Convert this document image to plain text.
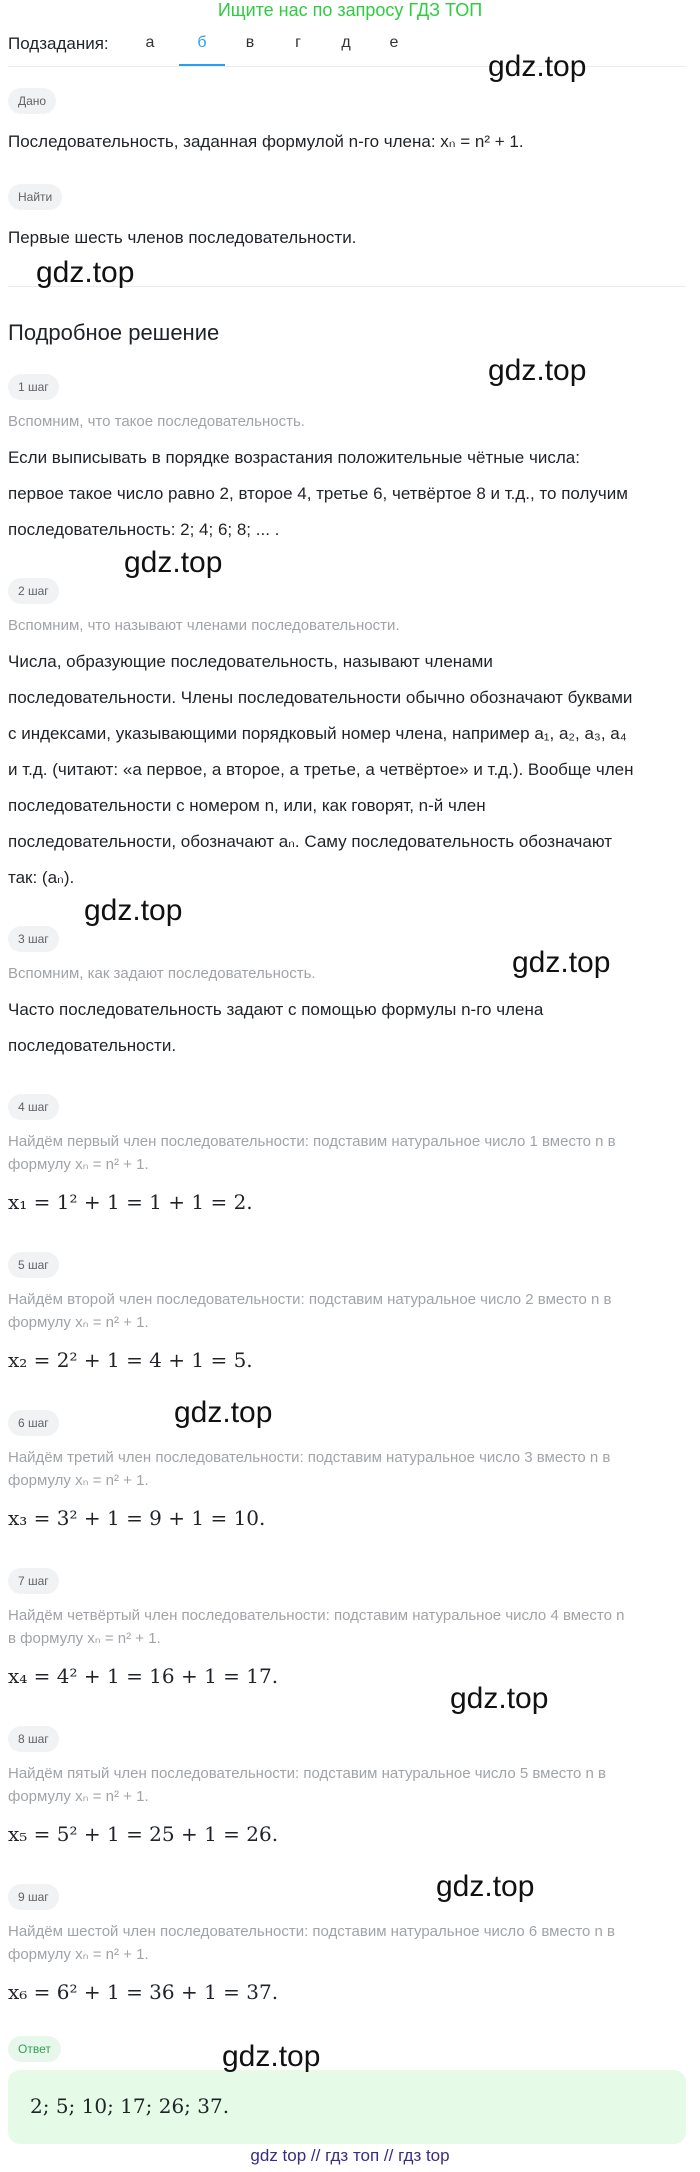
Ищите нас по запросу ГДЗ ТОП
Подзадания:	а	б	в	г	д	е
Дано
Последовательность, заданная формулой n-го члена: xₙ = n² + 1.
Найти
Первые шесть членов последовательности.
Подробное решение
1 шаг
Вспомним, что такое последовательность.
Если выписывать в порядке возрастания положительные чётные числа:
первое такое число равно 2, второе 4, третье 6, четвёртое 8 и т.д., то получим
последовательность: 2; 4; 6; 8; ... .
2 шаг
Вспомним, что называют членами последовательности.
Числа, образующие последовательность, называют членами
последовательности. Члены последовательности обычно обозначают буквами
с индексами, указывающими порядковый номер члена, например a₁, a₂, a₃, a₄
и т.д. (читают: «a первое, a второе, a третье, a четвёртое» и т.д.). Вообще член
последовательности с номером n, или, как говорят, n-й член
последовательности, обозначают aₙ. Саму последовательность обозначают
так: (aₙ).
3 шаг
Вспомним, как задают последовательность.
Часто последовательность задают с помощью формулы n-го члена
последовательности.
4 шаг
Найдём первый член последовательности: подставим натуральное число 1 вместо n в
формулу xₙ = n² + 1.
x₁ = 1² + 1 = 1 + 1 = 2.
5 шаг
Найдём второй член последовательности: подставим натуральное число 2 вместо n в
формулу xₙ = n² + 1.
x₂ = 2² + 1 = 4 + 1 = 5.
6 шаг
Найдём третий член последовательности: подставим натуральное число 3 вместо n в
формулу xₙ = n² + 1.
x₃ = 3² + 1 = 9 + 1 = 10.
7 шаг
Найдём четвёртый член последовательности: подставим натуральное число 4 вместо n
в формулу xₙ = n² + 1.
x₄ = 4² + 1 = 16 + 1 = 17.
8 шаг
Найдём пятый член последовательности: подставим натуральное число 5 вместо n в
формулу xₙ = n² + 1.
x₅ = 5² + 1 = 25 + 1 = 26.
9 шаг
Найдём шестой член последовательности: подставим натуральное число 6 вместо n в
формулу xₙ = n² + 1.
x₆ = 6² + 1 = 36 + 1 = 37.
Ответ
2; 5; 10; 17; 26; 37.
gdz.top
gdz.top
gdz.top
gdz.top
gdz.top
gdz.top
gdz.top
gdz.top
gdz.top
gdz.top
gdz top // гдз топ // гдз top
